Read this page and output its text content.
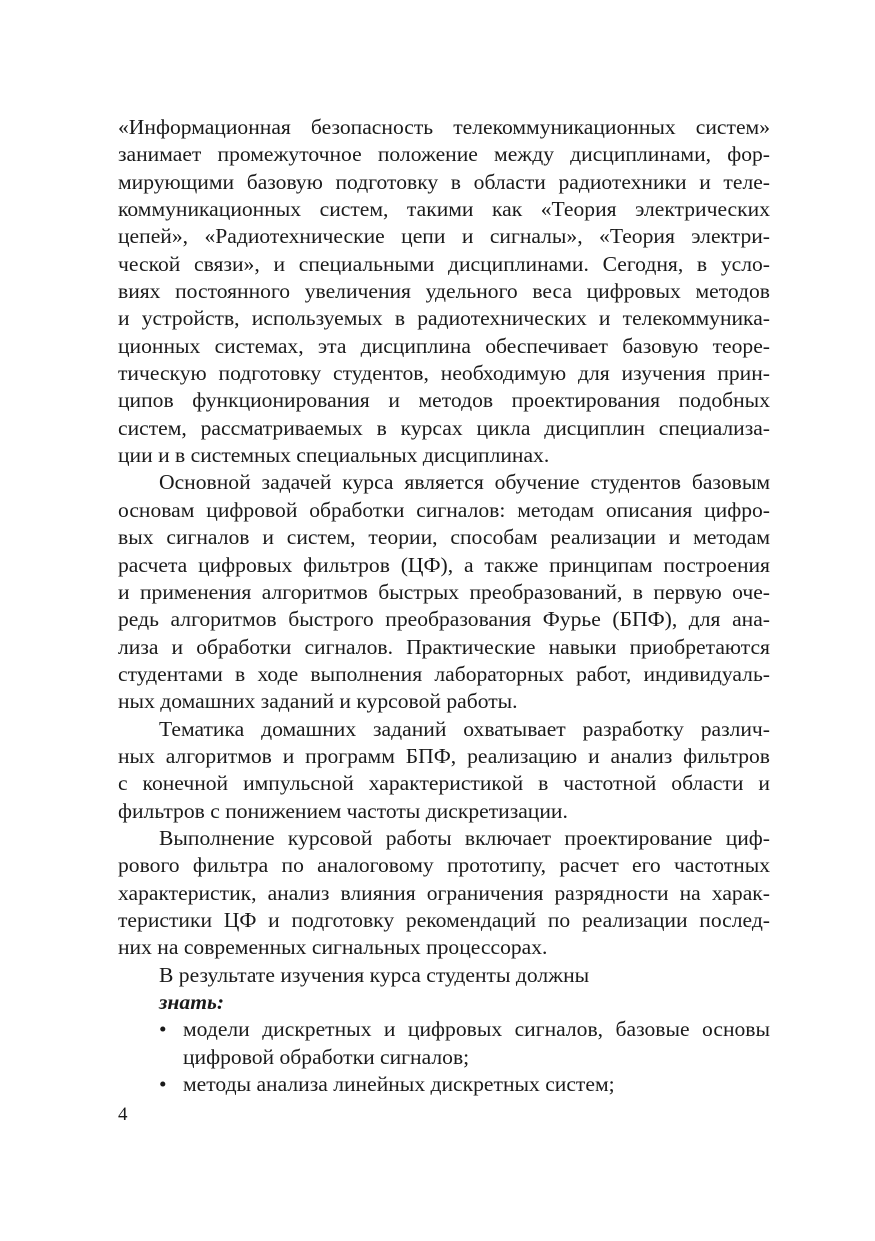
«Информационная безопасность телекоммуникационных систем»
занимает промежуточное положение между дисциплинами, фор-
мирующими базовую подготовку в области радиотехники и теле-
коммуникационных систем, такими как «Теория электрических
цепей», «Радиотехнические цепи и сигналы», «Теория электри-
ческой связи», и специальными дисциплинами. Сегодня, в усло-
виях постоянного увеличения удельного веса цифровых методов
и устройств, используемых в радиотехнических и телекоммуника-
ционных системах, эта дисциплина обеспечивает базовую теоре-
тическую подготовку студентов, необходимую для изучения прин-
ципов функционирования и методов проектирования подобных
систем, рассматриваемых в курсах цикла дисциплин специализа-
ции и в системных специальных дисциплинах.
Основной задачей курса является обучение студентов базовым
основам цифровой обработки сигналов: методам описания цифро-
вых сигналов и систем, теории, способам реализации и методам
расчета цифровых фильтров (ЦФ), а также принципам построения
и применения алгоритмов быстрых преобразований, в первую оче-
редь алгоритмов быстрого преобразования Фурье (БПФ), для ана-
лиза и обработки сигналов. Практические навыки приобретаются
студентами в ходе выполнения лабораторных работ, индивидуаль-
ных домашних заданий и курсовой работы.
Тематика домашних заданий охватывает разработку различ-
ных алгоритмов и программ БПФ, реализацию и анализ фильтров
с конечной импульсной характеристикой в частотной области и
фильтров с понижением частоты дискретизации.
Выполнение курсовой работы включает проектирование циф-
рового фильтра по аналоговому прототипу, расчет его частотных
характеристик, анализ влияния ограничения разрядности на харак-
теристики ЦФ и подготовку рекомендаций по реализации послед-
них на современных сигнальных процессорах.
В результате изучения курса студенты должны
знать:
• модели дискретных и цифровых сигналов, базовые основы
цифровой обработки сигналов;
• методы анализа линейных дискретных систем;
4
